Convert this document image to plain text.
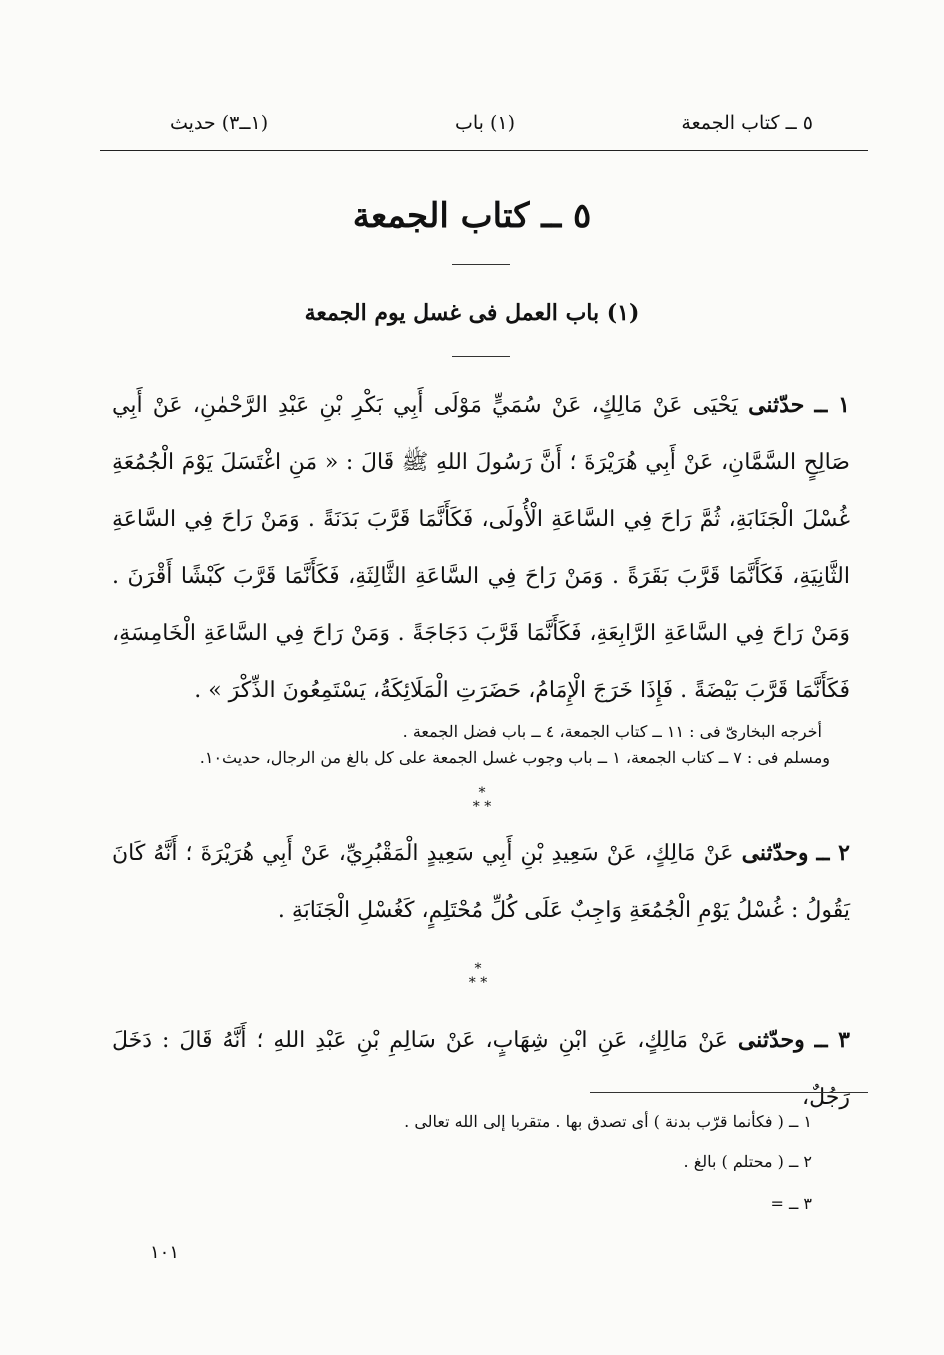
٥ ــ كتاب الجمعة
(١) باب
(١ــ٣) حديث
٥ ــ كتاب الجمعة
(١) باب العمل فى غسل يوم الجمعة
١ ــ حدّثنى يَحْيَى عَنْ مَالِكٍ، عَنْ سُمَيٍّ مَوْلَى أَبِي بَكْرِ بْنِ عَبْدِ الرَّحْمٰنِ، عَنْ أَبِي صَالِحٍ السَّمَّانِ، عَنْ أَبِي هُرَيْرَةَ ؛ أَنَّ رَسُولَ اللهِ ﷺ قَالَ : « مَنِ اغْتَسَلَ يَوْمَ الْجُمُعَةِ غُسْلَ الْجَنَابَةِ، ثُمَّ رَاحَ فِي السَّاعَةِ الْأُولَى، فَكَأَنَّمَا قَرَّبَ بَدَنَةً . وَمَنْ رَاحَ فِي السَّاعَةِ الثَّانِيَةِ، فَكَأَنَّمَا قَرَّبَ بَقَرَةً . وَمَنْ رَاحَ فِي السَّاعَةِ الثَّالِثَةِ، فَكَأَنَّمَا قَرَّبَ كَبْشًا أَقْرَنَ . وَمَنْ رَاحَ فِي السَّاعَةِ الرَّابِعَةِ، فَكَأَنَّمَا قَرَّبَ دَجَاجَةً . وَمَنْ رَاحَ فِي السَّاعَةِ الْخَامِسَةِ، فَكَأَنَّمَا قَرَّبَ بَيْضَةً . فَإِذَا خَرَجَ الْإِمَامُ، حَضَرَتِ الْمَلَائِكَةُ، يَسْتَمِعُونَ الذِّكْرَ » .
أخرجه البخارىّ فى : ١١ ــ كتاب الجمعة، ٤ ــ باب فضل الجمعة .
ومسلم فى : ٧ ــ كتاب الجمعة، ١ ــ باب وجوب غسل الجمعة على كل بالغ من الرجال، حديث١٠.
*
* *
٢ ــ وحدّثنى عَنْ مَالِكٍ، عَنْ سَعِيدِ بْنِ أَبِي سَعِيدٍ الْمَقْبُرِيِّ، عَنْ أَبِي هُرَيْرَةَ ؛ أَنَّهُ كَانَ يَقُولُ : غُسْلُ يَوْمِ الْجُمُعَةِ وَاجِبٌ عَلَى كُلِّ مُحْتَلِمٍ، كَغُسْلِ الْجَنَابَةِ .
*
* *
٣ ــ وحدّثنى عَنْ مَالِكٍ، عَنِ ابْنِ شِهَابٍ، عَنْ سَالِمِ بْنِ عَبْدِ اللهِ ؛ أَنَّهُ قَالَ : دَخَلَ رَجُلٌ،
١ ــ ( فكأنما قرّب بدنة ) أى تصدق بها . متقربا إلى الله تعالى .
٢ ــ ( محتلم ) بالغ .
٣ ــ =
١٠١
